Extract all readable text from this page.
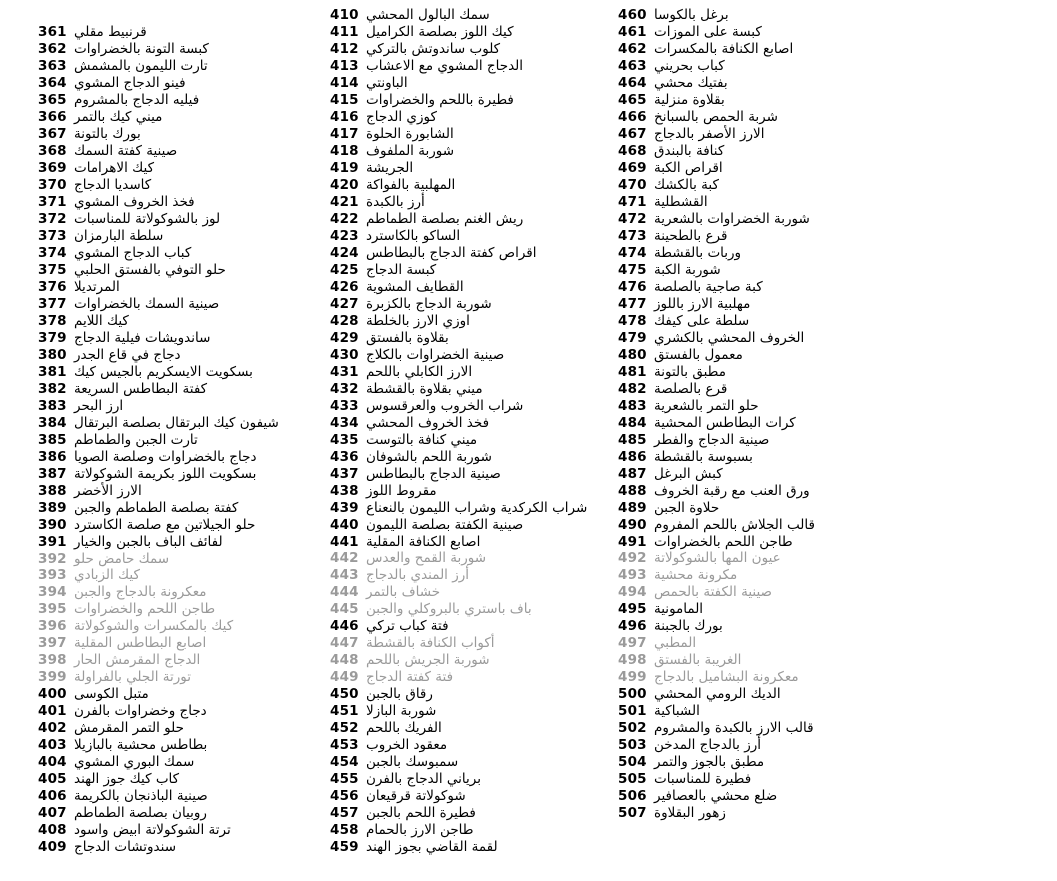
361 قرنبيط مقلي
362 كبسة التونة بالخضراوات
363 تارت الليمون بالمشمش
364 فينو الدجاج المشوي
365 فيليه الدجاج بالمشروم
366 ميني كيك بالتمر
367 بورك بالتونة
368 صينية كفتة السمك
369 كيك الاهرامات
370 كاسديا الدجاج
371 فخذ الخروف المشوي
372 لوز بالشوكولاتة للمناسبات
373 سلطة البارمزان
374 كباب الدجاج المشوي
375 حلو التوفي بالفستق الحلبي
376 المرتديلا
377 صينية السمك بالخضراوات
378 كيك اللايم
379 ساندويشات فيلية الدجاج
380 دجاج في قاع الجدر
381 بسكويت الايسكريم بالجيس كيك
382 كفتة البطاطس السريعة
383 ارز البحر
384 شيفون كيك البرتقال بصلصة البرتقال
385 تارت الجبن والطماطم
386 دجاج بالخضراوات وصلصة الصويا
387 بسكويت اللوز بكريمة الشوكولاتة
388 الارز الأخضر
389 كفتة بصلصة الطماطم والجبن
390 حلو الجيلاتين مع صلصة الكاسترد
391 لفائف الباف بالجبن والخيار
392 سمك حامض حلو
393 كيك الزبادي
394 معكرونة بالدجاج والجبن
395 طاجن اللحم والخضراوات
396 كيك بالمكسرات والشوكولاتة
397 اصابع البطاطس المقلية
398 الدجاج المقرمش الحار
399 تورتة الجلي بالفراولة
400 متبل الكوسى
401 دجاج وخضراوات بالفرن
402 حلو التمر المقرمش
403 بطاطس محشية بالبازيلا
404 سمك البوري المشوي
405 كاب كيك جوز الهند
406 صينية الباذنجان بالكريمة
407 روبيان بصلصة الطماطم
408 ترتة الشوكولاتة ابيض واسود
409 سندوتشات الدجاج
410 سمك البالول المحشي
411 كيك اللوز بصلصة الكراميل
412 كلوب ساندوتش بالتركي
413 الدجاج المشوي مع الاعشاب
414 الباونتي
415 فطيرة باللحم والخضراوات
416 كوزي الدجاج
417 الشابورة الحلوة
418 شوربة الملفوف
419 الجريشة
420 المهلبية بالفواكة
421 أرز بالكبدة
422 ريش الغنم بصلصة الطماطم
423 الساكو بالكاسترد
424 اقراص كفتة الدجاج بالبطاطس
425 كبسة الدجاج
426 القطايف المشوية
427 شوربة الدجاج بالكزبرة
428 اوزي الارز بالخلطة
429 بقلاوة بالفستق
430 صينية الخضراوات بالكلاج
431 الارز الكابلي باللحم
432 ميني بقلاوة بالقشطة
433 شراب الخروب والعرقسوس
434 فخذ الخروف المحشي
435 ميني كنافة بالتوست
436 شوربة اللحم بالشوفان
437 صينية الدجاج بالبطاطس
438 مقروط اللوز
439 شراب الكركدية وشراب الليمون بالنعناع
440 صينية الكفتة بصلصة الليمون
441 اصابع الكنافة المقلية
442 شوربة القمح والعدس
443 أرز المندي بالدجاج
444 خشاف بالتمر
445 باف باستري بالبروكلي والجبن
446 فتة كباب تركي
447 أكواب الكنافة بالقشطة
448 شوربة الجريش باللحم
449 فتة كفتة الدجاج
450 رقاق بالجبن
451 شوربة البازلا
452 الفريك باللحم
453 معقود الخروب
454 سمبوسك بالجبن
455 برياني الدجاج بالفرن
456 شوكولاتة قرقيعان
457 فطيرة اللحم بالجبن
458 طاجن الارز بالحمام
459 لقمة القاضي بجوز الهند
460 برغل بالكوسا
461 كبسة على الموزات
462 اصابع الكنافة بالمكسرات
463 كباب بحريني
464 بفتيك محشي
465 بقلاوة منزلية
466 شربة الحمص بالسبانخ
467 الارز الأصفر بالدجاج
468 كنافة بالبندق
469 اقراص الكبة
470 كبة بالكشك
471 القشطلية
472 شوربة الخضراوات بالشعرية
473 قرع بالطحينة
474 وربات بالقشطة
475 شوربة الكبة
476 كبة صاجية بالصلصة
477 مهلبية الارز باللوز
478 سلطة على كيفك
479 الخروف المحشي بالكشري
480 معمول بالفستق
481 مطبق بالتونة
482 قرع بالصلصة
483 حلو التمر بالشعرية
484 كرات البطاطس المحشية
485 صينية الدجاج والفطر
486 بسبوسة بالقشطة
487 كبش البرغل
488 ورق العنب مع رقبة الخروف
489 حلاوة الجبن
490 قالب الجلاش باللحم المفروم
491 طاجن اللحم بالخضراوات
492 عيون المها بالشوكولاتة
493 مكرونة محشية
494 صينية الكفتة بالحمص
495 المامونية
496 بورك بالجبنة
497 المطبي
498 الغريبة بالفستق
499 معكرونة البشاميل بالدجاج
500 الديك الرومي المحشي
501 الشباكية
502 قالب الارز بالكبدة والمشروم
503 أرز بالدجاج المدخن
504 مطبق بالجوز والتمر
505 فطيرة للمناسبات
506 ضلع محشي بالعصافير
507 زهور البقلاوة
